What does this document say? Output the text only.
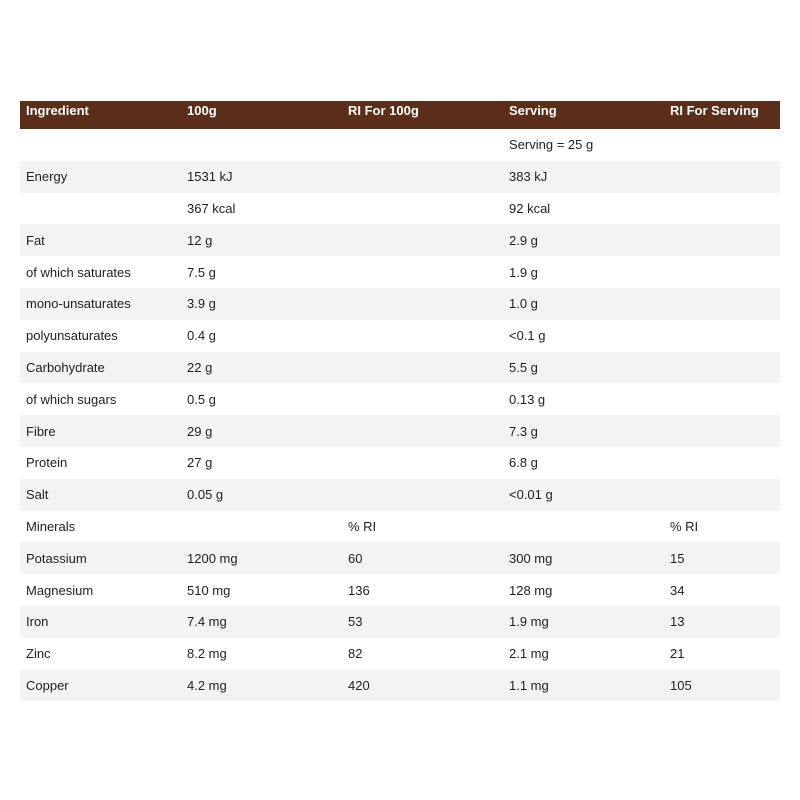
Ingredient	100g	RI For 100g	Serving	RI For Serving
			Serving = 25 g	
Energy	1531 kJ		383 kJ	
	367 kcal		92 kcal	
Fat	12 g		2.9 g	
of which saturates	7.5 g		1.9 g	
mono-unsaturates	3.9 g		1.0 g	
polyunsaturates	0.4 g		<0.1 g	
Carbohydrate	22 g		5.5 g	
of which sugars	0.5 g		0.13 g	
Fibre	29 g		7.3 g	
Protein	27 g		6.8 g	
Salt	0.05 g		<0.01 g	
Minerals		% RI		% RI
Potassium	1200 mg	60	300 mg	15
Magnesium	510 mg	136	128 mg	34
Iron	7.4 mg	53	1.9 mg	13
Zinc	8.2 mg	82	2.1 mg	21
Copper	4.2 mg	420	1.1 mg	105
